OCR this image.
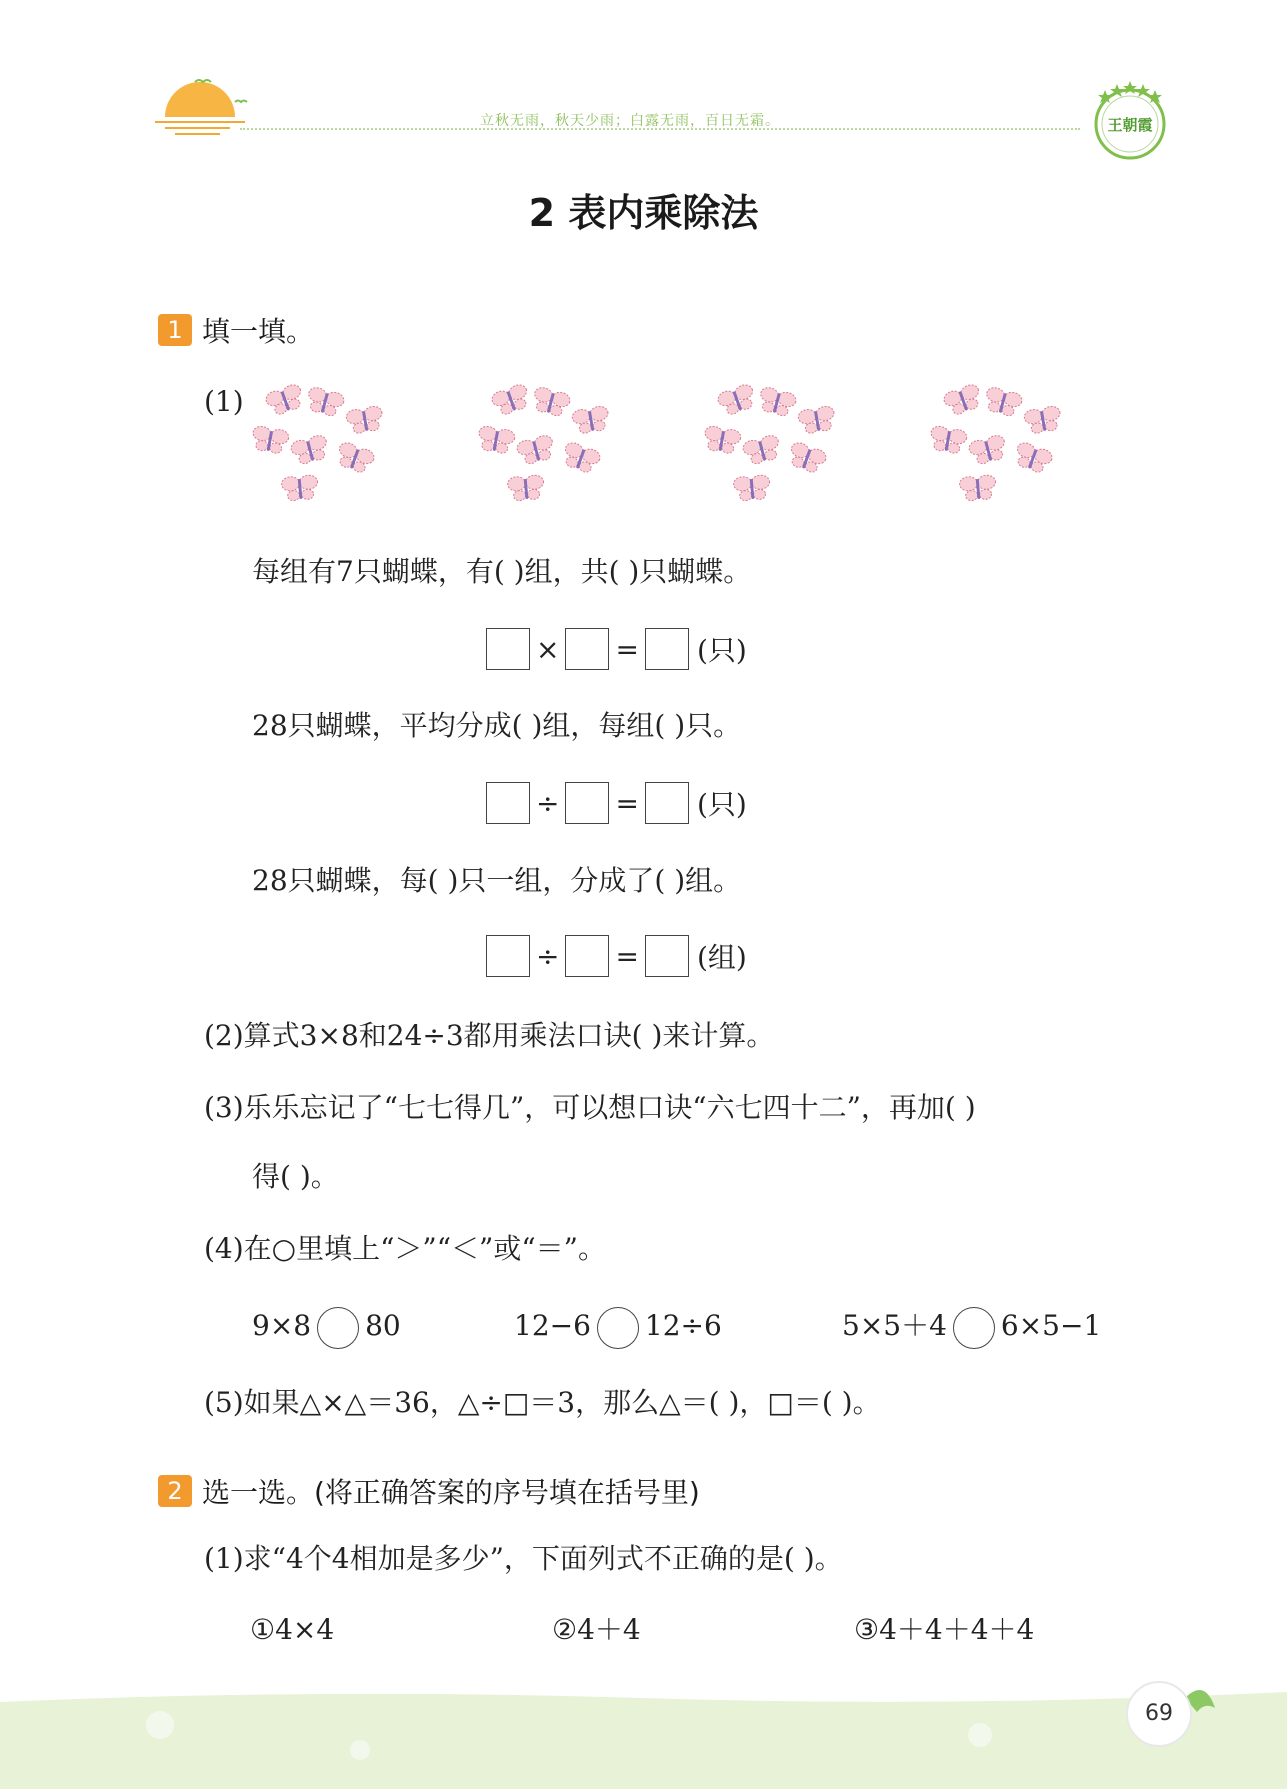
立秋无雨，秋天少雨；白露无雨，百日无霜。	王朝霞
2 表内乘除法
1 填一填。
(1)
每组有7只蝴蝶，有( )组，共( )只蝴蝶。
× = (只)
28只蝴蝶，平均分成( )组，每组( )只。
÷ = (只)
28只蝴蝶，每( )只一组，分成了( )组。
÷ = (组)
(2)算式3×8和24÷3都用乘法口诀( )来计算。
(3)乐乐忘记了“七七得几”，可以想口诀“六七四十二”，再加( )
得( )。
(4)在○里填上“＞”“＜”或“＝”。
9×8 80	12−6 12÷6	5×5＋4 6×5−1
(5)如果△×△＝36，△÷□＝3，那么△＝( )，□＝( )。
2 选一选。(将正确答案的序号填在括号里)
(1)求“4个4相加是多少”，下面列式不正确的是( )。
①4×4	②4＋4	③4＋4＋4＋4
69
